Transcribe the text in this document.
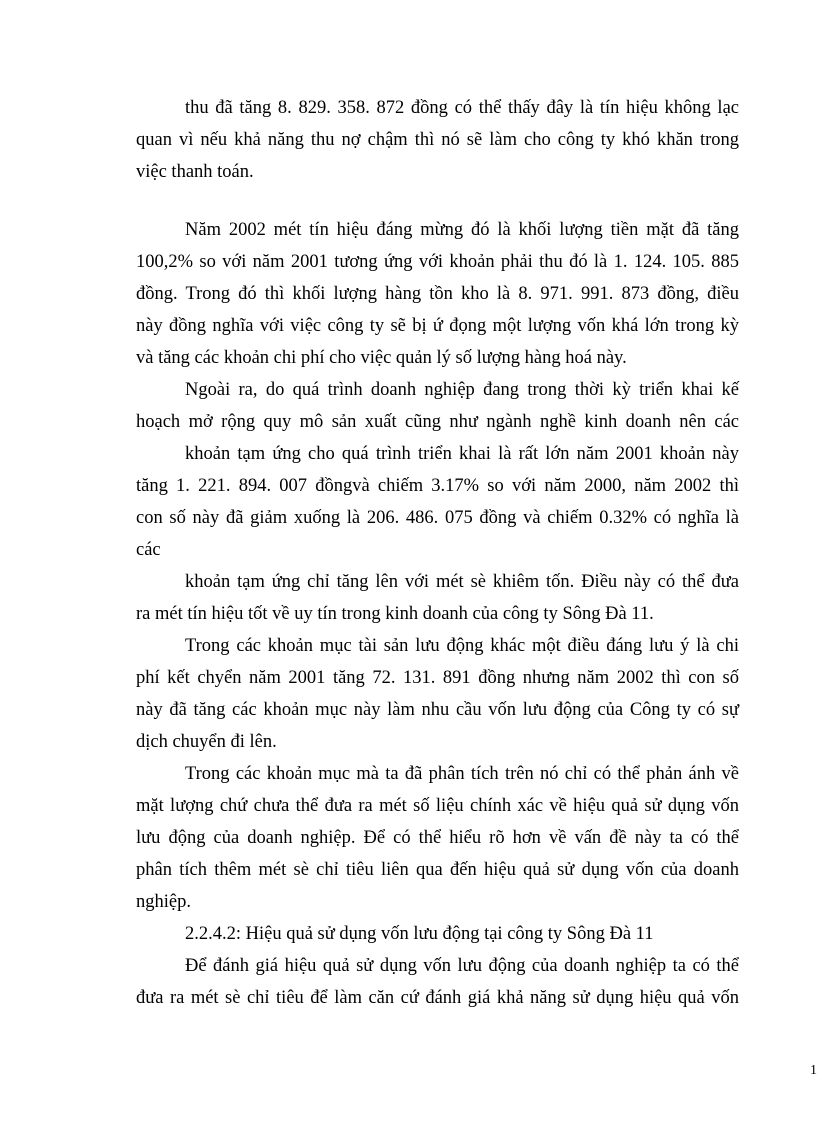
thu đã tăng 8. 829. 358. 872 đồng có thể thấy đây là tín hiệu không lạc
quan vì nếu khả năng thu nợ chậm thì nó sẽ làm cho công ty khó khăn trong
việc thanh toán.
Năm 2002 mét tín hiệu đáng mừng đó là khối lượng tiền mặt đã tăng
100,2% so với năm 2001 tương ứng với khoản phải thu đó là 1. 124. 105. 885
đồng. Trong đó thì khối lượng hàng tồn kho là 8. 971. 991. 873 đồng, điều
này đồng nghĩa với việc công ty sẽ bị ứ đọng một lượng vốn khá lớn trong kỳ
và tăng các khoản chi phí cho việc quản lý số lượng hàng hoá này.
Ngoài ra, do quá trình doanh nghiệp đang trong thời kỳ triển khai kế
hoạch mở rộng quy mô sản xuất cũng như ngành nghề kinh doanh nên các
khoản tạm ứng cho quá trình triển khai là rất lớn năm 2001 khoản này
tăng 1. 221. 894. 007 đồngvà chiếm 3.17% so với năm 2000, năm 2002 thì
con số này đã giảm xuống là 206. 486. 075 đồng và chiếm 0.32% có nghĩa là
các
khoản tạm ứng chỉ tăng lên với mét sè khiêm tốn. Điều này có thể đưa
ra mét tín hiệu tốt về uy tín trong kinh doanh của công ty Sông Đà 11.
Trong các khoản mục tài sản lưu động khác một điều đáng lưu ý là chi
phí kết chyển năm 2001 tăng 72. 131. 891 đồng nhưng năm 2002 thì con số
này đã tăng các khoản mục này làm nhu cầu vốn lưu động của Công ty có sự
dịch chuyển đi lên.
Trong các khoản mục mà ta đã phân tích trên nó chỉ có thể phản ánh về
mặt lượng chứ chưa thể đưa ra mét số liệu chính xác về hiệu quả sử dụng vốn
lưu động của doanh nghiệp. Để có thể hiểu rõ hơn về vấn đề này ta có thể
phân tích thêm mét sè chỉ tiêu liên qua đến hiệu quả sử dụng vốn của doanh
nghiệp.
2.2.4.2: Hiệu quả sử dụng vốn lưu động tại công ty Sông Đà 11
Để đánh giá hiệu quả sử dụng vốn lưu động của doanh nghiệp ta có thể
đưa ra mét sè chỉ tiêu để làm căn cứ đánh giá khả năng sử dụng hiệu quả vốn
1
